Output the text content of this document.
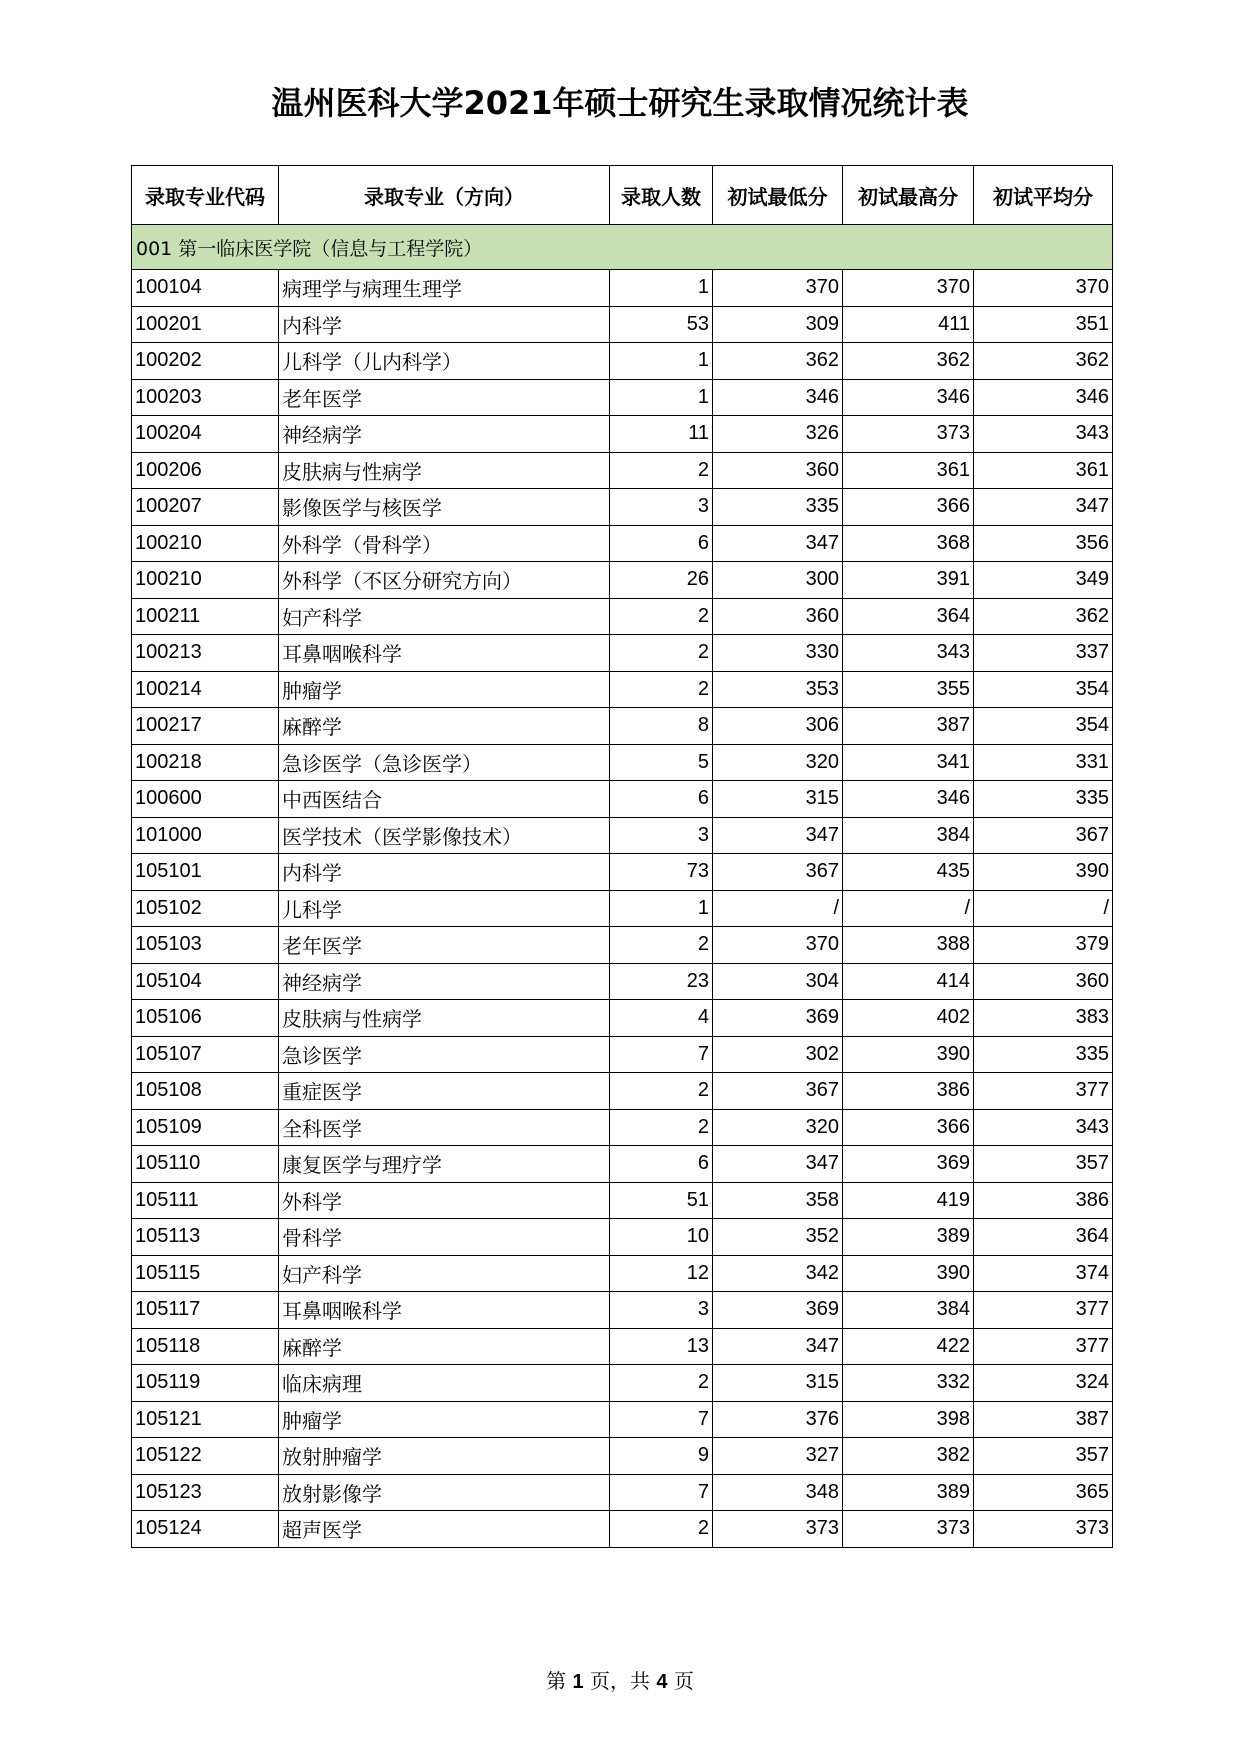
温州医科大学2021年硕士研究生录取情况统计表
录取专业代码	录取专业（方向）	录取人数	初试最低分	初试最高分	初试平均分
001 第一临床医学院（信息与工程学院）					
100104	病理学与病理生理学	1	370	370	370
100201	内科学	53	309	411	351
100202	儿科学（儿内科学）	1	362	362	362
100203	老年医学	1	346	346	346
100204	神经病学	11	326	373	343
100206	皮肤病与性病学	2	360	361	361
100207	影像医学与核医学	3	335	366	347
100210	外科学（骨科学）	6	347	368	356
100210	外科学（不区分研究方向）	26	300	391	349
100211	妇产科学	2	360	364	362
100213	耳鼻咽喉科学	2	330	343	337
100214	肿瘤学	2	353	355	354
100217	麻醉学	8	306	387	354
100218	急诊医学（急诊医学）	5	320	341	331
100600	中西医结合	6	315	346	335
101000	医学技术（医学影像技术）	3	347	384	367
105101	内科学	73	367	435	390
105102	儿科学	1	/	/	/
105103	老年医学	2	370	388	379
105104	神经病学	23	304	414	360
105106	皮肤病与性病学	4	369	402	383
105107	急诊医学	7	302	390	335
105108	重症医学	2	367	386	377
105109	全科医学	2	320	366	343
105110	康复医学与理疗学	6	347	369	357
105111	外科学	51	358	419	386
105113	骨科学	10	352	389	364
105115	妇产科学	12	342	390	374
105117	耳鼻咽喉科学	3	369	384	377
105118	麻醉学	13	347	422	377
105119	临床病理	2	315	332	324
105121	肿瘤学	7	376	398	387
105122	放射肿瘤学	9	327	382	357
105123	放射影像学	7	348	389	365
105124	超声医学	2	373	373	373
第 1 页，共 4 页
